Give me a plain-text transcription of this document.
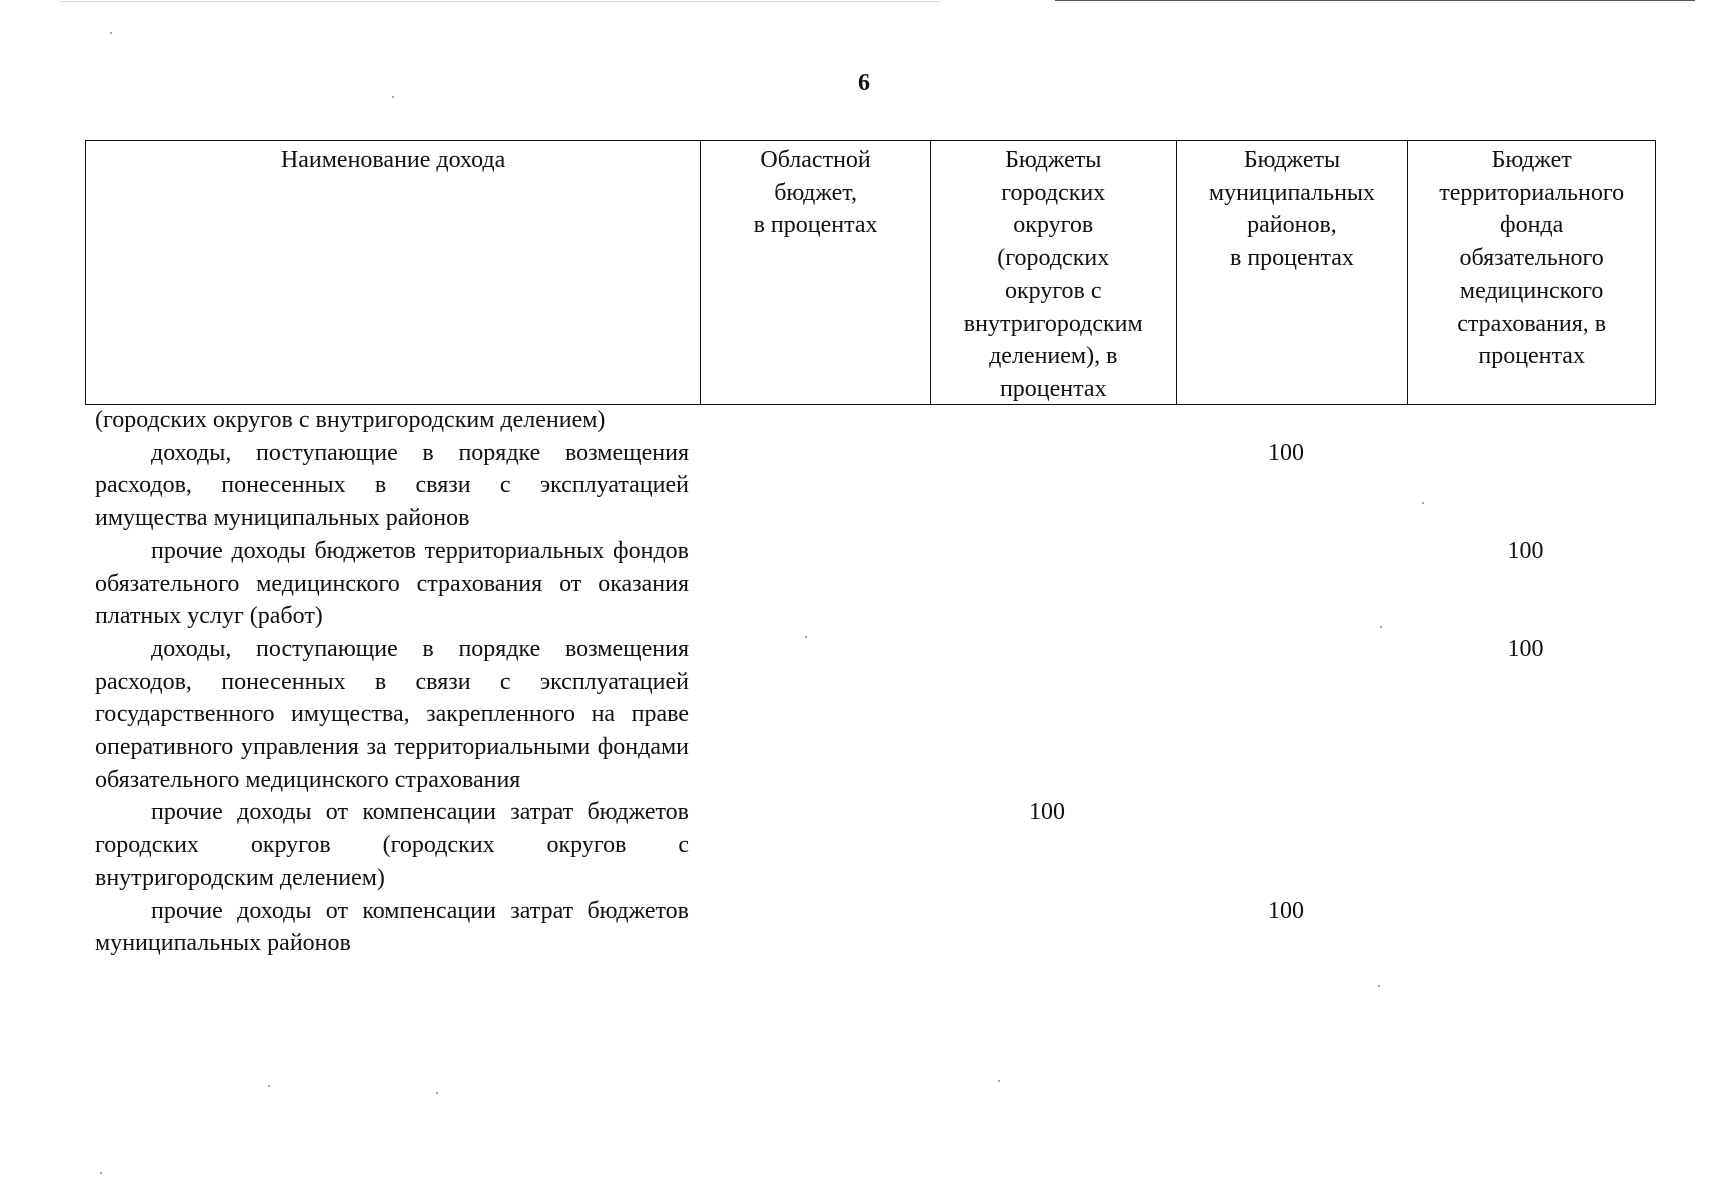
6
Наименование дохода	Областной
бюджет,
в процентах
Бюджеты
городских
округов
(городских
округов с
внутригородским
делением), в
процентах
Бюджеты
муниципальных
районов,
в процентах
Бюджет
территориального
фонда
обязательного
медицинского
страхования, в
процентах
(городских округов с внутригородским делением)
доходы, поступающие в порядке возмещения расходов, понесенных в связи с эксплуатацией имущества муниципальных районов
100
прочие доходы бюджетов территориальных фондов обязательного медицинского страхования от оказания платных услуг (работ)
100
доходы, поступающие в порядке возмещения расходов, понесенных в связи с эксплуатацией государственного имущества, закрепленного на праве оперативного управления за территориальными фондами обязательного медицинского страхования
100
прочие доходы от компенсации затрат бюджетов городских округов (городских округов с внутригородским делением)
100
прочие доходы от компенсации затрат бюджетов муниципальных районов
100
